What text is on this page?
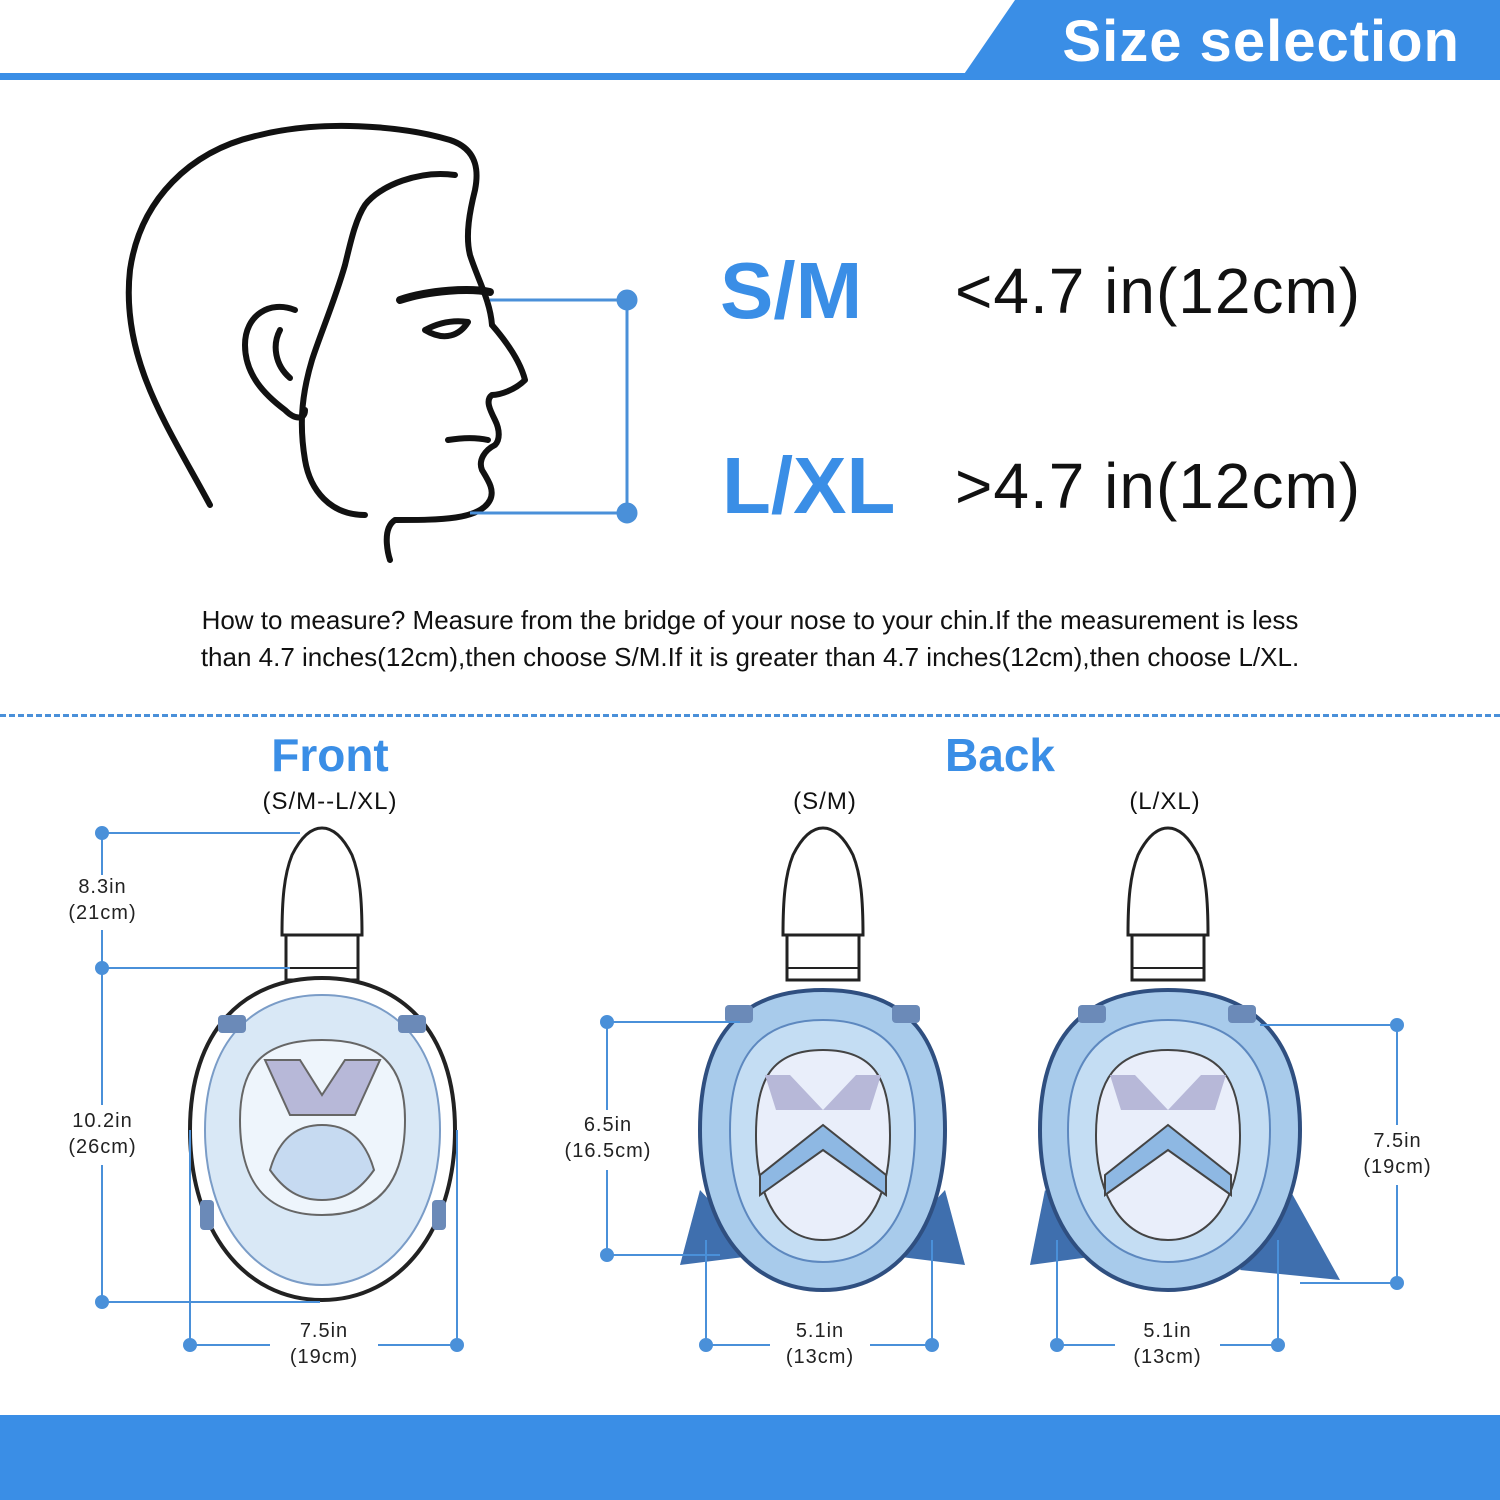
Size selection
S/M <4.7 in(12cm)
L/XL >4.7 in(12cm)
How to measure? Measure from the bridge of your nose to your chin.If the measurement is less
than 4.7 inches(12cm),then choose S/M.If it is greater than 4.7 inches(12cm),then choose L/XL.
Front
(S/M--L/XL)
Back
(S/M)	(L/XL)
8.3in
(21cm)
10.2in
(26cm)
7.5in
(19cm)
6.5in
(16.5cm)
5.1in
(13cm)
7.5in
(19cm)
5.1in
(13cm)
